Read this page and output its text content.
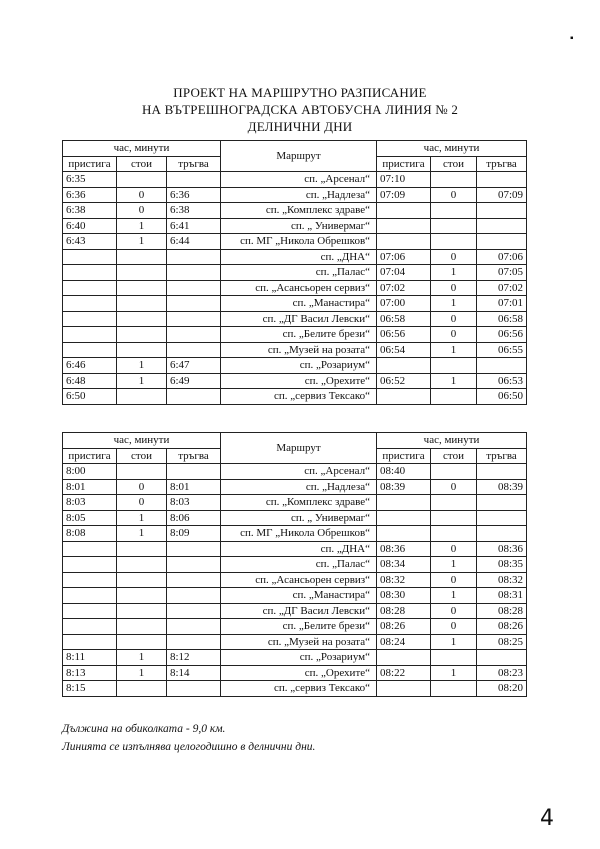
▪
ПРОЕКТ НА МАРШРУТНО РАЗПИСАНИЕ
НА ВЪТРЕШНОГРАДСКА АВТОБУСНА ЛИНИЯ № 2
ДЕЛНИЧНИ ДНИ
час, минути			Маршрут	час, минути		
пристига	стои	тръгва		пристига	стои	тръгва
6:35			сп. „Арсенал“	07:10		
6:36	0	6:36	сп. „Надлеза“	07:09	0	07:09
6:38	0	6:38	сп. „Комплекс здраве“			
6:40	1	6:41	сп. „ Универмаг“			
6:43	1	6:44	сп. МГ „Никола Обрешков“			
			сп. „ДНА“	07:06	0	07:06
			сп. „Палас“	07:04	1	07:05
			сп. „Асансьорен сервиз“	07:02	0	07:02
			сп. „Манастира“	07:00	1	07:01
			сп. „ДГ Васил Левски“	06:58	0	06:58
			сп. „Белите брези“	06:56	0	06:56
			сп. „Музей на розата“	06:54	1	06:55
6:46	1	6:47	сп. „Розариум“			
6:48	1	6:49	сп. „Орехите“	06:52	1	06:53
6:50			сп. „сервиз Тексако“			06:50
час, минути			Маршрут	час, минути		
пристига	стои	тръгва		пристига	стои	тръгва
8:00			сп. „Арсенал“	08:40		
8:01	0	8:01	сп. „Надлеза“	08:39	0	08:39
8:03	0	8:03	сп. „Комплекс здраве“			
8:05	1	8:06	сп. „ Универмаг“			
8:08	1	8:09	сп. МГ „Никола Обрешков“			
			сп. „ДНА“	08:36	0	08:36
			сп. „Палас“	08:34	1	08:35
			сп. „Асансьорен сервиз“	08:32	0	08:32
			сп. „Манастира“	08:30	1	08:31
			сп. „ДГ Васил Левски“	08:28	0	08:28
			сп. „Белите брези“	08:26	0	08:26
			сп. „Музей на розата“	08:24	1	08:25
8:11	1	8:12	сп. „Розариум“			
8:13	1	8:14	сп. „Орехите“	08:22	1	08:23
8:15			сп. „сервиз Тексако“			08:20
Дължина на обиколката - 9,0 км.
Линията се изпълнява целогодишно в делнични дни.
4
